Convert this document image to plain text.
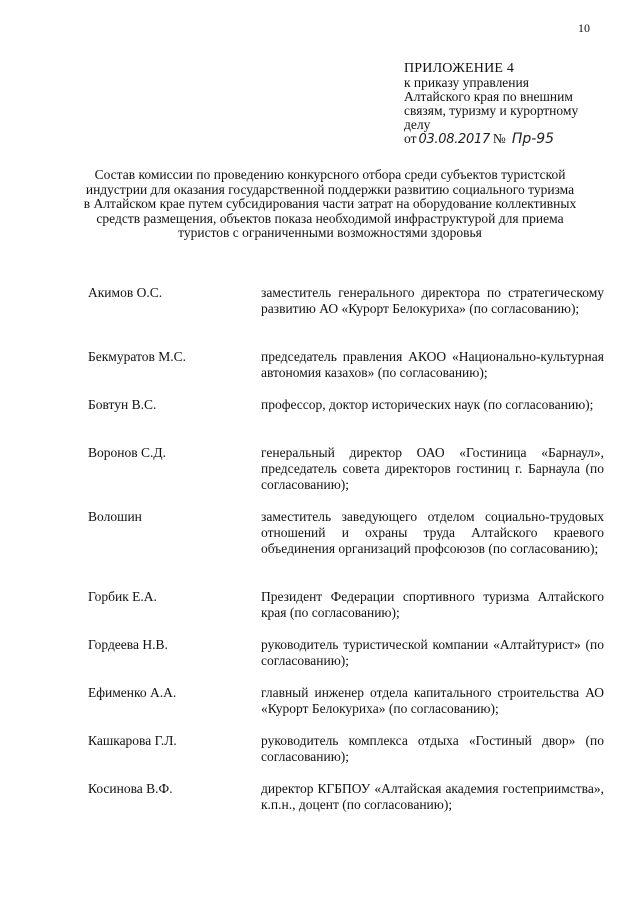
10
ПРИЛОЖЕНИЕ 4
к приказу управления
Алтайского края по внешним
связям, туризму и курортному
делу
от 03.08.2017 № Пр-95
Состав комиссии по проведению конкурсного отбора среди субъектов туристской индустрии для оказания государственной поддержки развитию социального туризма в Алтайском крае путем субсидирования части затрат на оборудование коллективных средств размещения, объектов показа необходимой инфраструктурой для приема туристов с ограниченными возможностями здоровья
Акимов О.С.	заместитель генерального директора по стратегическому развитию АО «Курорт Белокуриха» (по согласованию);
Бекмуратов М.С.	председатель правления АКОО «Национально-культурная автономия казахов» (по согласованию);
Бовтун В.С.	профессор, доктор исторических наук (по согласованию);
Воронов С.Д.	генеральный директор ОАО «Гостиница «Барнаул», председатель совета директоров гостиниц г. Барнаула (по согласованию);
Волошин	заместитель заведующего отделом социально-трудовых отношений и охраны труда Алтайского краевого объединения организаций профсоюзов (по согласованию);
Горбик Е.А.	Президент Федерации спортивного туризма Алтайского края (по согласованию);
Гордеева Н.В.	руководитель туристической компании «Алтайтурист» (по согласованию);
Ефименко А.А.	главный инженер отдела капитального строительства АО «Курорт Белокуриха» (по согласованию);
Кашкарова Г.Л.	руководитель комплекса отдыха «Гостиный двор» (по согласованию);
Косинова В.Ф.	директор КГБПОУ «Алтайская академия гостеприимства», к.п.н., доцент (по согласованию);
